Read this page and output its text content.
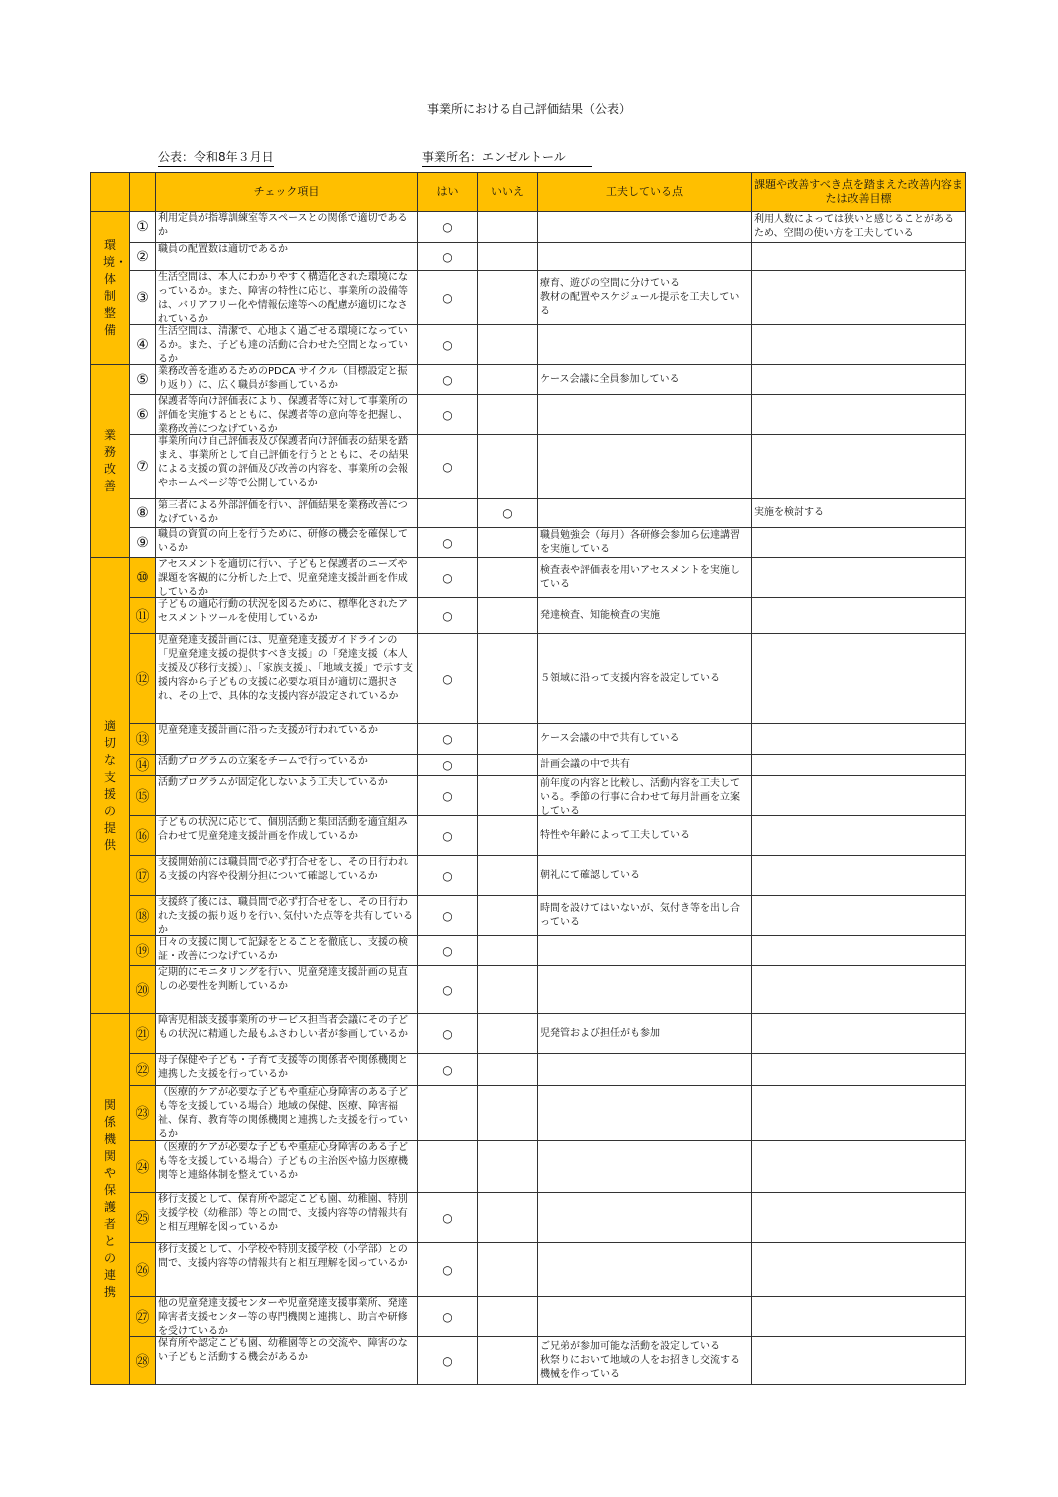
事業所における自己評価結果（公表）
公表：令和8年３月日	事業所名：エンゼルトール
		チェック項目	はい	いいえ	工夫している点	課題や改善すべき点を踏まえた改善内容または改善目標
環境・体制整備	①	利用定員が指導訓練室等スペースとの関係で適切であるか	○			利用人数によっては狭いと感じることがあるため、空間の使い方を工夫している

	②	職員の配置数は適切であるか	○		

	③	生活空間は、本人にわかりやすく構造化された環境になっているか。また、障害の特性に応じ、事業所の設備等は、バリアフリー化や情報伝達等への配慮が適切になされているか	○		療育、遊びの空間に分けている
教材の配置やスケジュール提示を工夫している	

	④	生活空間は、清潔で、心地よく過ごせる環境になっているか。また、子ども達の活動に合わせた空間となっているか	○		

業務改善	⑤	業務改善を進めるためのPDCA サイクル（目標設定と振り返り）に、広く職員が参画しているか	○		ケース会議に全員参加している	

	⑥	保護者等向け評価表により、保護者等に対して事業所の評価を実施するとともに、保護者等の意向等を把握し、業務改善につなげているか	○		

	⑦	事業所向け自己評価表及び保護者向け評価表の結果を踏まえ、事業所として自己評価を行うとともに、その結果による支援の質の評価及び改善の内容を、事業所の会報やホームページ等で公開しているか	○		

	⑧	第三者による外部評価を行い、評価結果を業務改善につなげているか		○		実施を検討する

	⑨	職員の資質の向上を行うために、研修の機会を確保しているか	○		職員勉強会（毎月）各研修会参加ら伝達講習を実施している	

適切な支援の提供	⑩	アセスメントを適切に行い、子どもと保護者のニーズや課題を客観的に分析した上で、児童発達支援計画を作成しているか	○		検査表や評価表を用いアセスメントを実施している	

	⑪	子どもの適応行動の状況を図るために、標準化されたアセスメントツールを使用しているか	○		発達検査、知能検査の実施	

	⑫	児童発達支援計画には、児童発達支援ガイドラインの「児童発達支援の提供すべき支援」の「発達支援（本人支援及び移行支援）」、「家族支援」、「地域支援」で示す支援内容から子どもの支援に必要な項目が適切に選択され、その上で、具体的な支援内容が設定されているか	○		５領域に沿って支援内容を設定している	

	⑬	児童発達支援計画に沿った支援が行われているか	○		ケース会議の中で共有している	

	⑭	活動プログラムの立案をチームで行っているか	○		計画会議の中で共有	

	⑮	活動プログラムが固定化しないよう工夫しているか	○		前年度の内容と比較し、活動内容を工夫している。季節の行事に合わせて毎月計画を立案している	

	⑯	子どもの状況に応じて、個別活動と集団活動を適宜組み合わせて児童発達支援計画を作成しているか	○		特性や年齢によって工夫している	

	⑰	支援開始前には職員間で必ず打合せをし、その日行われる支援の内容や役割分担について確認しているか	○		朝礼にて確認している	

	⑱	支援終了後には、職員間で必ず打合せをし、その日行われた支援の振り返りを行い､気付いた点等を共有しているか	○		時間を設けてはいないが、気付き等を出し合っている	

	⑲	日々の支援に関して記録をとることを徹底し、支援の検証・改善につなげているか	○		

	⑳	定期的にモニタリングを行い、児童発達支援計画の見直しの必要性を判断しているか	○		

関係機関や保護者との連携	㉑	障害児相談支援事業所のサービス担当者会議にその子どもの状況に精通した最もふさわしい者が参画しているか	○		児発管および担任がも参加	

	㉒	母子保健や子ども・子育て支援等の関係者や関係機関と連携した支援を行っているか	○		

	㉓	（医療的ケアが必要な子どもや重症心身障害のある子ども等を支援している場合）地域の保健、医療、障害福祉、保育、教育等の関係機関と連携した支援を行っているか				

	㉔	（医療的ケアが必要な子どもや重症心身障害のある子ども等を支援している場合）子どもの主治医や協力医療機関等と連絡体制を整えているか				

	㉕	移行支援として、保育所や認定こども園、幼稚園、特別支援学校（幼稚部）等との間で、支援内容等の情報共有と相互理解を図っているか	○		

	㉖	移行支援として、小学校や特別支援学校（小学部）との間で、支援内容等の情報共有と相互理解を図っているか	○		

	㉗	他の児童発達支援センターや児童発達支援事業所、発達障害者支援センター等の専門機関と連携し、助言や研修を受けているか	○		

	㉘	保育所や認定こども園、幼稚園等との交流や、障害のない子どもと活動する機会があるか	○		ご兄弟が参加可能な活動を設定している
秋祭りにおいて地域の人をお招きし交流する機械を作っている	
